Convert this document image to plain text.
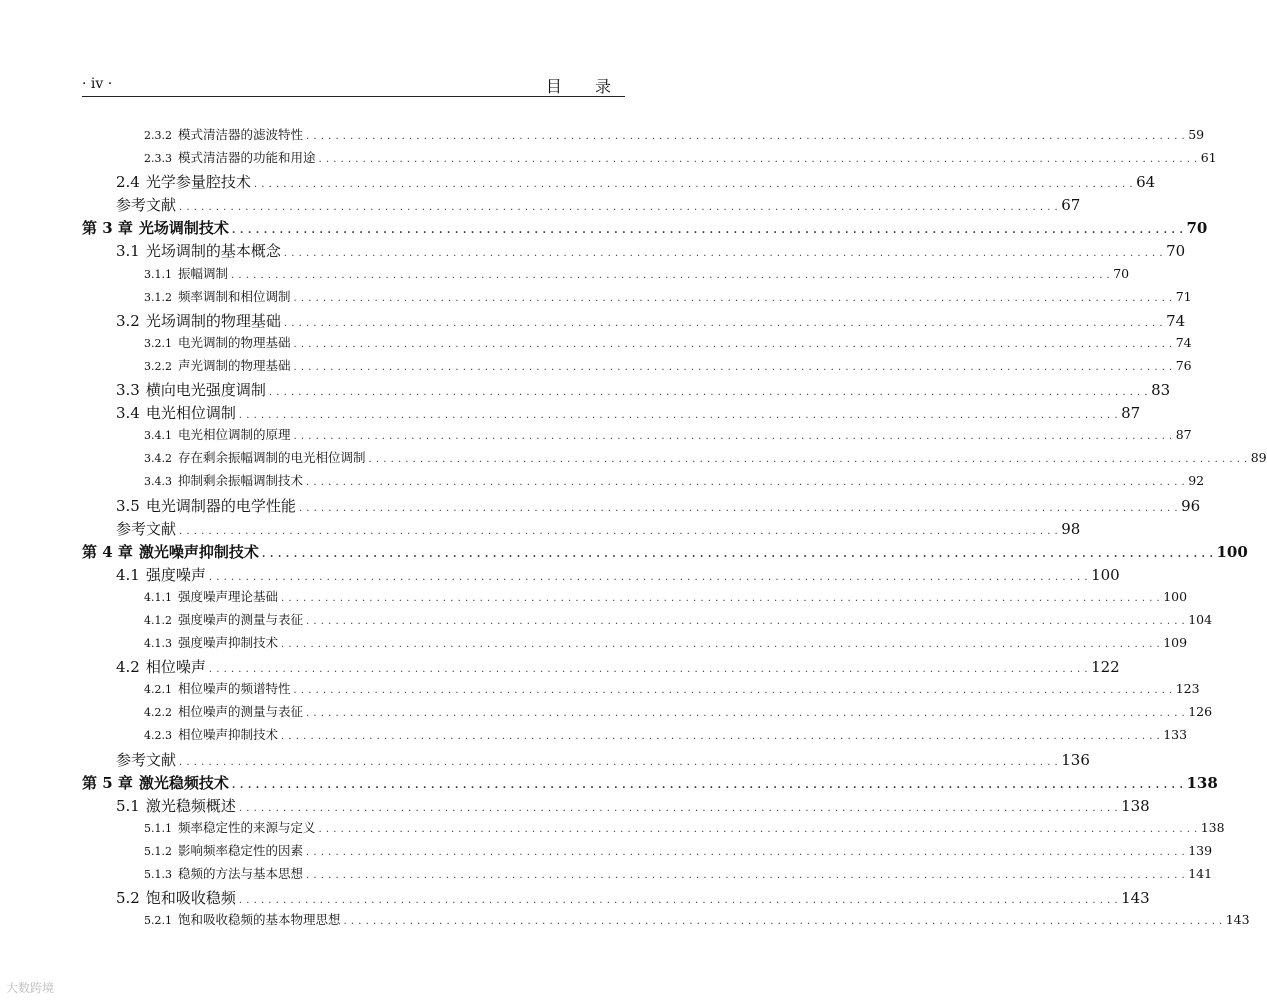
· iv ·	目 录
2.3.2 模式清洁器的滤波特性 . . . . . . . . . . . . . . . . . . . . . . . . . . . . . . . . . . . . . . . . . . . . . . . . . . . . . . . . . . . . . . . . . . . . . . . . . . . . . . . . . . . . . . . . . . . . . . . . . . . . . . . . . . . . . . . . . . . . . . . . 59
2.3.3 模式清洁器的功能和用途 . . . . . . . . . . . . . . . . . . . . . . . . . . . . . . . . . . . . . . . . . . . . . . . . . . . . . . . . . . . . . . . . . . . . . . . . . . . . . . . . . . . . . . . . . . . . . . . . . . . . . . . . . . . . . . . . . . . . . . . . 61
2.4 光学参量腔技术 . . . . . . . . . . . . . . . . . . . . . . . . . . . . . . . . . . . . . . . . . . . . . . . . . . . . . . . . . . . . . . . . . . . . . . . . . . . . . . . . . . . . . . . . . . . . . . . . . . . . . . . . . . . . . . . . . . . . . . . . 64
参考文献 . . . . . . . . . . . . . . . . . . . . . . . . . . . . . . . . . . . . . . . . . . . . . . . . . . . . . . . . . . . . . . . . . . . . . . . . . . . . . . . . . . . . . . . . . . . . . . . . . . . . . . . . . . . . . . . . . . . . . . . . 67
第 3 章 光场调制技术 . . . . . . . . . . . . . . . . . . . . . . . . . . . . . . . . . . . . . . . . . . . . . . . . . . . . . . . . . . . . . . . . . . . . . . . . . . . . . . . . . . . . . . . . . . . . . . . . . . . . . . . . . . . . . . . . . . . . . . . . 70
3.1 光场调制的基本概念 . . . . . . . . . . . . . . . . . . . . . . . . . . . . . . . . . . . . . . . . . . . . . . . . . . . . . . . . . . . . . . . . . . . . . . . . . . . . . . . . . . . . . . . . . . . . . . . . . . . . . . . . . . . . . . . . . . . . . . . . 70
3.1.1 振幅调制 . . . . . . . . . . . . . . . . . . . . . . . . . . . . . . . . . . . . . . . . . . . . . . . . . . . . . . . . . . . . . . . . . . . . . . . . . . . . . . . . . . . . . . . . . . . . . . . . . . . . . . . . . . . . . . . . . . . . . . . . 70
3.1.2 频率调制和相位调制 . . . . . . . . . . . . . . . . . . . . . . . . . . . . . . . . . . . . . . . . . . . . . . . . . . . . . . . . . . . . . . . . . . . . . . . . . . . . . . . . . . . . . . . . . . . . . . . . . . . . . . . . . . . . . . . . . . . . . . . . 71
3.2 光场调制的物理基础 . . . . . . . . . . . . . . . . . . . . . . . . . . . . . . . . . . . . . . . . . . . . . . . . . . . . . . . . . . . . . . . . . . . . . . . . . . . . . . . . . . . . . . . . . . . . . . . . . . . . . . . . . . . . . . . . . . . . . . . . 74
3.2.1 电光调制的物理基础 . . . . . . . . . . . . . . . . . . . . . . . . . . . . . . . . . . . . . . . . . . . . . . . . . . . . . . . . . . . . . . . . . . . . . . . . . . . . . . . . . . . . . . . . . . . . . . . . . . . . . . . . . . . . . . . . . . . . . . . . 74
3.2.2 声光调制的物理基础 . . . . . . . . . . . . . . . . . . . . . . . . . . . . . . . . . . . . . . . . . . . . . . . . . . . . . . . . . . . . . . . . . . . . . . . . . . . . . . . . . . . . . . . . . . . . . . . . . . . . . . . . . . . . . . . . . . . . . . . . 76
3.3 横向电光强度调制 . . . . . . . . . . . . . . . . . . . . . . . . . . . . . . . . . . . . . . . . . . . . . . . . . . . . . . . . . . . . . . . . . . . . . . . . . . . . . . . . . . . . . . . . . . . . . . . . . . . . . . . . . . . . . . . . . . . . . . . . 83
3.4 电光相位调制 . . . . . . . . . . . . . . . . . . . . . . . . . . . . . . . . . . . . . . . . . . . . . . . . . . . . . . . . . . . . . . . . . . . . . . . . . . . . . . . . . . . . . . . . . . . . . . . . . . . . . . . . . . . . . . . . . . . . . . . . 87
3.4.1 电光相位调制的原理 . . . . . . . . . . . . . . . . . . . . . . . . . . . . . . . . . . . . . . . . . . . . . . . . . . . . . . . . . . . . . . . . . . . . . . . . . . . . . . . . . . . . . . . . . . . . . . . . . . . . . . . . . . . . . . . . . . . . . . . . 87
3.4.2 存在剩余振幅调制的电光相位调制 . . . . . . . . . . . . . . . . . . . . . . . . . . . . . . . . . . . . . . . . . . . . . . . . . . . . . . . . . . . . . . . . . . . . . . . . . . . . . . . . . . . . . . . . . . . . . . . . . . . . . . . . . . . . . . . . . . . . . . . . 89
3.4.3 抑制剩余振幅调制技术 . . . . . . . . . . . . . . . . . . . . . . . . . . . . . . . . . . . . . . . . . . . . . . . . . . . . . . . . . . . . . . . . . . . . . . . . . . . . . . . . . . . . . . . . . . . . . . . . . . . . . . . . . . . . . . . . . . . . . . . . 92
3.5 电光调制器的电学性能 . . . . . . . . . . . . . . . . . . . . . . . . . . . . . . . . . . . . . . . . . . . . . . . . . . . . . . . . . . . . . . . . . . . . . . . . . . . . . . . . . . . . . . . . . . . . . . . . . . . . . . . . . . . . . . . . . . . . . . . . 96
参考文献 . . . . . . . . . . . . . . . . . . . . . . . . . . . . . . . . . . . . . . . . . . . . . . . . . . . . . . . . . . . . . . . . . . . . . . . . . . . . . . . . . . . . . . . . . . . . . . . . . . . . . . . . . . . . . . . . . . . . . . . . 98
第 4 章 激光噪声抑制技术 . . . . . . . . . . . . . . . . . . . . . . . . . . . . . . . . . . . . . . . . . . . . . . . . . . . . . . . . . . . . . . . . . . . . . . . . . . . . . . . . . . . . . . . . . . . . . . . . . . . . . . . . . . . . . . . . . . . . . . . . 100
4.1 强度噪声 . . . . . . . . . . . . . . . . . . . . . . . . . . . . . . . . . . . . . . . . . . . . . . . . . . . . . . . . . . . . . . . . . . . . . . . . . . . . . . . . . . . . . . . . . . . . . . . . . . . . . . . . . . . . . . . . . . . . . . . . 100
4.1.1 强度噪声理论基础 . . . . . . . . . . . . . . . . . . . . . . . . . . . . . . . . . . . . . . . . . . . . . . . . . . . . . . . . . . . . . . . . . . . . . . . . . . . . . . . . . . . . . . . . . . . . . . . . . . . . . . . . . . . . . . . . . . . . . . . . 100
4.1.2 强度噪声的测量与表征 . . . . . . . . . . . . . . . . . . . . . . . . . . . . . . . . . . . . . . . . . . . . . . . . . . . . . . . . . . . . . . . . . . . . . . . . . . . . . . . . . . . . . . . . . . . . . . . . . . . . . . . . . . . . . . . . . . . . . . . . 104
4.1.3 强度噪声抑制技术 . . . . . . . . . . . . . . . . . . . . . . . . . . . . . . . . . . . . . . . . . . . . . . . . . . . . . . . . . . . . . . . . . . . . . . . . . . . . . . . . . . . . . . . . . . . . . . . . . . . . . . . . . . . . . . . . . . . . . . . . 109
4.2 相位噪声 . . . . . . . . . . . . . . . . . . . . . . . . . . . . . . . . . . . . . . . . . . . . . . . . . . . . . . . . . . . . . . . . . . . . . . . . . . . . . . . . . . . . . . . . . . . . . . . . . . . . . . . . . . . . . . . . . . . . . . . . 122
4.2.1 相位噪声的频谱特性 . . . . . . . . . . . . . . . . . . . . . . . . . . . . . . . . . . . . . . . . . . . . . . . . . . . . . . . . . . . . . . . . . . . . . . . . . . . . . . . . . . . . . . . . . . . . . . . . . . . . . . . . . . . . . . . . . . . . . . . . 123
4.2.2 相位噪声的测量与表征 . . . . . . . . . . . . . . . . . . . . . . . . . . . . . . . . . . . . . . . . . . . . . . . . . . . . . . . . . . . . . . . . . . . . . . . . . . . . . . . . . . . . . . . . . . . . . . . . . . . . . . . . . . . . . . . . . . . . . . . . 126
4.2.3 相位噪声抑制技术 . . . . . . . . . . . . . . . . . . . . . . . . . . . . . . . . . . . . . . . . . . . . . . . . . . . . . . . . . . . . . . . . . . . . . . . . . . . . . . . . . . . . . . . . . . . . . . . . . . . . . . . . . . . . . . . . . . . . . . . . 133
参考文献 . . . . . . . . . . . . . . . . . . . . . . . . . . . . . . . . . . . . . . . . . . . . . . . . . . . . . . . . . . . . . . . . . . . . . . . . . . . . . . . . . . . . . . . . . . . . . . . . . . . . . . . . . . . . . . . . . . . . . . . . 136
第 5 章 激光稳频技术 . . . . . . . . . . . . . . . . . . . . . . . . . . . . . . . . . . . . . . . . . . . . . . . . . . . . . . . . . . . . . . . . . . . . . . . . . . . . . . . . . . . . . . . . . . . . . . . . . . . . . . . . . . . . . . . . . . . . . . . . 138
5.1 激光稳频概述 . . . . . . . . . . . . . . . . . . . . . . . . . . . . . . . . . . . . . . . . . . . . . . . . . . . . . . . . . . . . . . . . . . . . . . . . . . . . . . . . . . . . . . . . . . . . . . . . . . . . . . . . . . . . . . . . . . . . . . . . 138
5.1.1 频率稳定性的来源与定义 . . . . . . . . . . . . . . . . . . . . . . . . . . . . . . . . . . . . . . . . . . . . . . . . . . . . . . . . . . . . . . . . . . . . . . . . . . . . . . . . . . . . . . . . . . . . . . . . . . . . . . . . . . . . . . . . . . . . . . . . 138
5.1.2 影响频率稳定性的因素 . . . . . . . . . . . . . . . . . . . . . . . . . . . . . . . . . . . . . . . . . . . . . . . . . . . . . . . . . . . . . . . . . . . . . . . . . . . . . . . . . . . . . . . . . . . . . . . . . . . . . . . . . . . . . . . . . . . . . . . . 139
5.1.3 稳频的方法与基本思想 . . . . . . . . . . . . . . . . . . . . . . . . . . . . . . . . . . . . . . . . . . . . . . . . . . . . . . . . . . . . . . . . . . . . . . . . . . . . . . . . . . . . . . . . . . . . . . . . . . . . . . . . . . . . . . . . . . . . . . . . 141
5.2 饱和吸收稳频 . . . . . . . . . . . . . . . . . . . . . . . . . . . . . . . . . . . . . . . . . . . . . . . . . . . . . . . . . . . . . . . . . . . . . . . . . . . . . . . . . . . . . . . . . . . . . . . . . . . . . . . . . . . . . . . . . . . . . . . . 143
5.2.1 饱和吸收稳频的基本物理思想 . . . . . . . . . . . . . . . . . . . . . . . . . . . . . . . . . . . . . . . . . . . . . . . . . . . . . . . . . . . . . . . . . . . . . . . . . . . . . . . . . . . . . . . . . . . . . . . . . . . . . . . . . . . . . . . . . . . . . . . . 143
大数跨境
